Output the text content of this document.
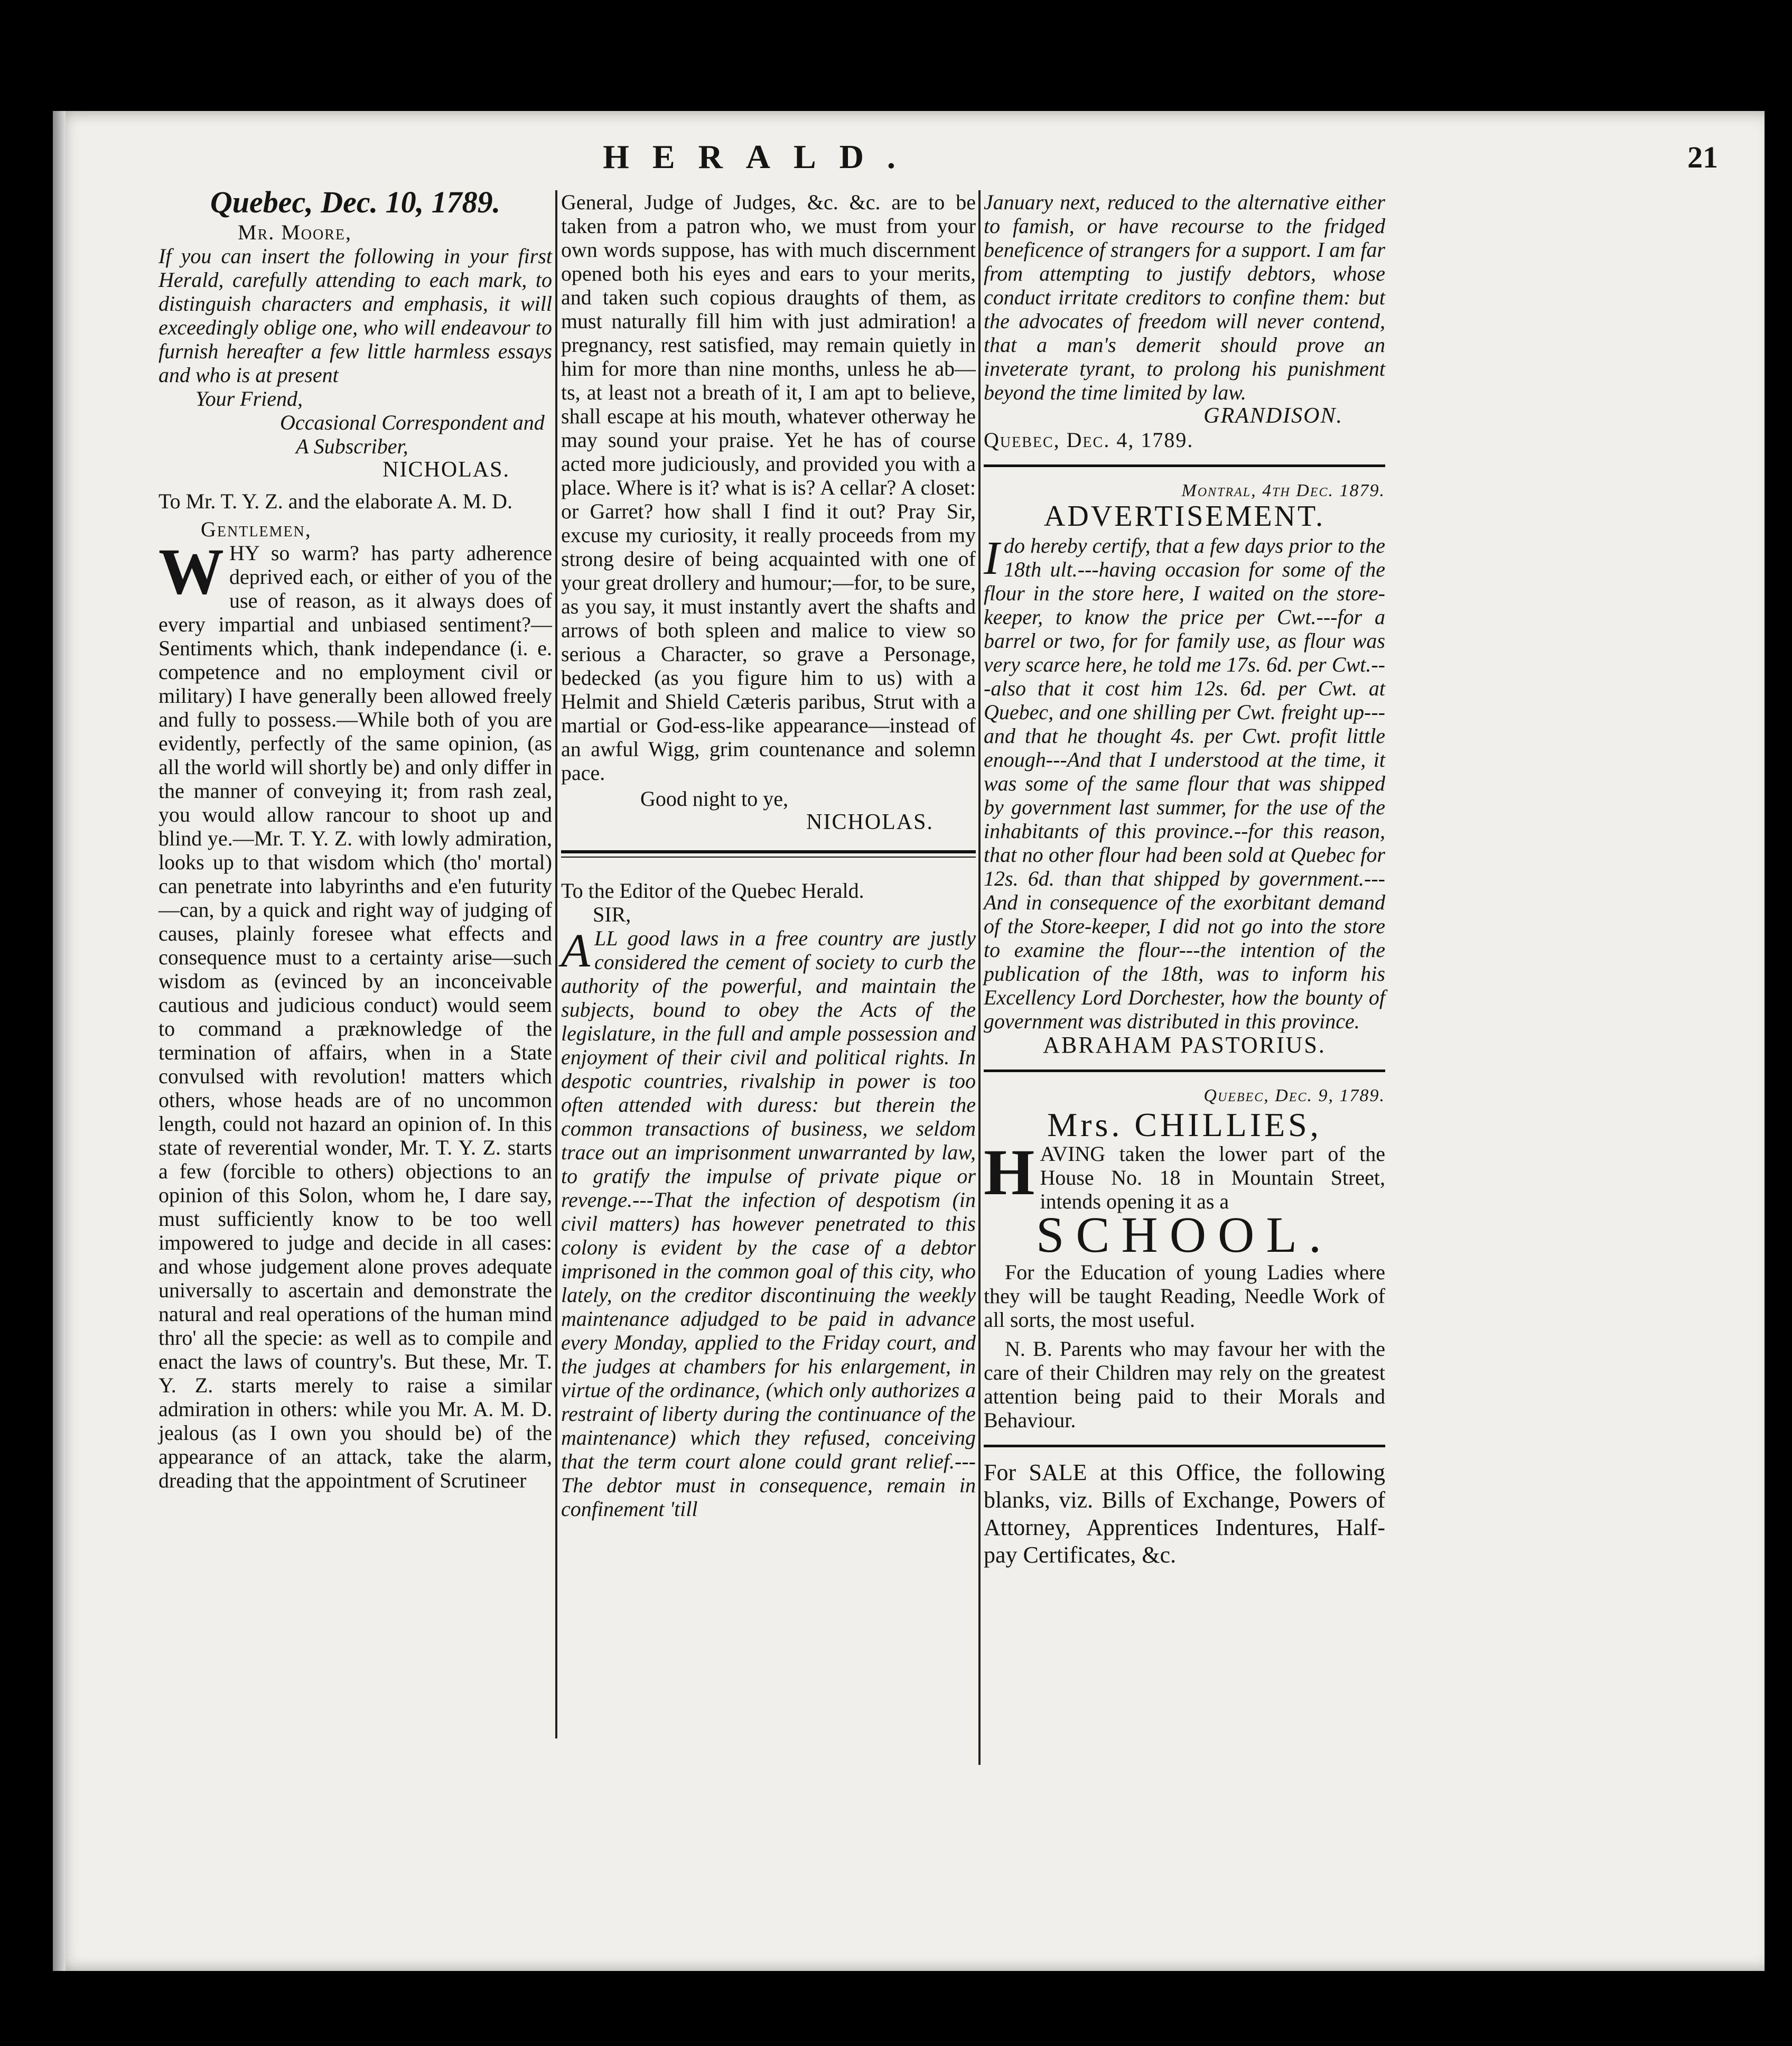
HERALD.	21
Quebec, Dec. 10, 1789.

Mr. Moore,

If you can insert the following in your first Herald, carefully attending to each mark, to distinguish characters and emphasis, it will exceedingly oblige one, who will endeavour to furnish hereafter a few little harmless essays and who is at present

Your Friend,

Occasional Correspondent and

A Subscriber,

NICHOLAS.

To Mr. T. Y. Z. and the elaborate A. M. D.

Gentlemen,

WHY so warm? has party adherence deprived each, or either of you of the use of reason, as it always does of every impartial and unbiased sentiment?—Sentiments which, thank independance (i. e. competence and no employment civil or military) I have generally been allowed freely and fully to possess.—While both of you are evidently, perfectly of the same opinion, (as all the world will shortly be) and only differ in the manner of conveying it; from rash zeal, you would allow rancour to shoot up and blind ye.—Mr. T. Y. Z. with lowly admiration, looks up to that wisdom which (tho' mortal) can penetrate into labyrinths and e'en futurity—can, by a quick and right way of judging of causes, plainly foresee what effects and consequence must to a certainty arise—such wisdom as (evinced by an inconceivable cautious and judicious conduct) would seem to command a præknowledge of the termination of affairs, when in a State convulsed with revolution! matters which others, whose heads are of no uncommon length, could not hazard an opinion of. In this state of reverential wonder, Mr. T. Y. Z. starts a few (forcible to others) objections to an opinion of this Solon, whom he, I dare say, must sufficiently know to be too well impowered to judge and decide in all cases: and whose judgement alone proves adequate universally to ascertain and demonstrate the natural and real operations of the human mind thro' all the specie: as well as to compile and enact the laws of country's. But these, Mr. T. Y. Z. starts merely to raise a similar admiration in others: while you Mr. A. M. D. jealous (as I own you should be) of the appearance of an attack, take the alarm, dreading that the appointment of Scrutineer

General, Judge of Judges, &c. &c. are to be taken from a patron who, we must from your own words suppose, has with much discernment opened both his eyes and ears to your merits, and taken such copious draughts of them, as must naturally fill him with just admiration! a pregnancy, rest satisfied, may remain quietly in him for more than nine months, unless he ab—ts, at least not a breath of it, I am apt to believe, shall escape at his mouth, whatever otherway he may sound your praise. Yet he has of course acted more judiciously, and provided you with a place. Where is it? what is is? A cellar? A closet: or Garret? how shall I find it out? Pray Sir, excuse my curiosity, it really proceeds from my strong desire of being acquainted with one of your great drollery and humour;—for, to be sure, as you say, it must instantly avert the shafts and arrows of both spleen and malice to view so serious a Character, so grave a Personage, bedecked (as you figure him to us) with a Helmit and Shield Cæteris paribus, Strut with a martial or God-ess-like appearance—instead of an awful Wigg, grim countenance and solemn pace.

Good night to ye,

NICHOLAS.

To the Editor of the Quebec Herald.

SIR,

ALL good laws in a free country are justly considered the cement of society to curb the authority of the powerful, and maintain the subjects, bound to obey the Acts of the legislature, in the full and ample possession and enjoyment of their civil and political rights. In despotic countries, rivalship in power is too often attended with duress: but therein the common transactions of business, we seldom trace out an imprisonment unwarranted by law, to gratify the impulse of private pique or revenge.---That the infection of despotism (in civil matters) has however penetrated to this colony is evident by the case of a debtor imprisoned in the common goal of this city, who lately, on the creditor discontinuing the weekly maintenance adjudged to be paid in advance every Monday, applied to the Friday court, and the judges at chambers for his enlargement, in virtue of the ordinance, (which only authorizes a restraint of liberty during the continuance of the maintenance) which they refused, conceiving that the term court alone could grant relief.---The debtor must in consequence, remain in confinement 'till

January next, reduced to the alternative either to famish, or have recourse to the fridged beneficence of strangers for a support. I am far from attempting to justify debtors, whose conduct irritate creditors to confine them: but the advocates of freedom will never contend, that a man's demerit should prove an inveterate tyrant, to prolong his punishment beyond the time limited by law.

GRANDISON.

Quebec, Dec. 4, 1789.

Montral, 4th Dec. 1879.

ADVERTISEMENT.

Ido hereby certify, that a few days prior to the 18th ult.---having occasion for some of the flour in the store here, I waited on the store-keeper, to know the price per Cwt.---for a barrel or two, for for family use, as flour was very scarce here, he told me 17s. 6d. per Cwt.---also that it cost him 12s. 6d. per Cwt. at Quebec, and one shilling per Cwt. freight up--- and that he thought 4s. per Cwt. profit little enough---And that I understood at the time, it was some of the same flour that was shipped by government last summer, for the use of the inhabitants of this province.--for this reason, that no other flour had been sold at Quebec for 12s. 6d. than that shipped by government.---And in consequence of the exorbitant demand of the Store-keeper, I did not go into the store to examine the flour---the intention of the publication of the 18th, was to inform his Excellency Lord Dorchester, how the bounty of government was distributed in this province.

ABRAHAM PASTORIUS.

Quebec, Dec. 9, 1789.

Mrs. CHILLIES,

HAVING taken the lower part of the House No. 18 in Mountain Street, intends opening it as a

SCHOOL.

For the Education of young Ladies where they will be taught Reading, Needle Work of all sorts, the most useful.

N. B. Parents who may favour her with the care of their Children may rely on the greatest attention being paid to their Morals and Behaviour.

For SALE at this Office, the following blanks, viz. Bills of Exchange, Powers of Attorney, Apprentices Indentures, Half-pay Certificates, &c.
